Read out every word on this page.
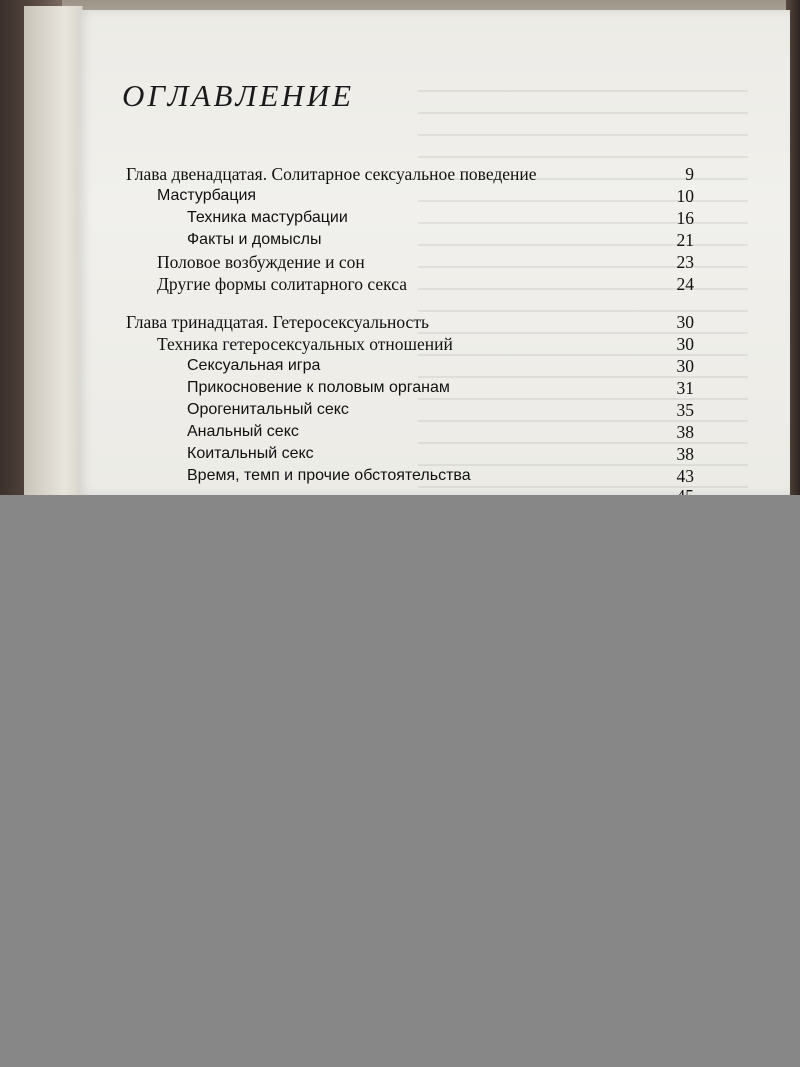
ОГЛАВЛЕНИЕ
Глава двенадцатая. Солитарное сексуальное поведение	9
Мастурбация	10
Техника мастурбации	16
Факты и домыслы	21
Половое возбуждение и сон	23
Другие формы солитарного секса	24
Глава тринадцатая. Гетеросексуальность	30
Техника гетеросексуальных отношений	30
Сексуальная игра	30
Прикосновение к половым органам	31
Орогенитальный секс	35
Анальный секс	38
Коитальный секс	38
Время, темп и прочие обстоятельства	43
